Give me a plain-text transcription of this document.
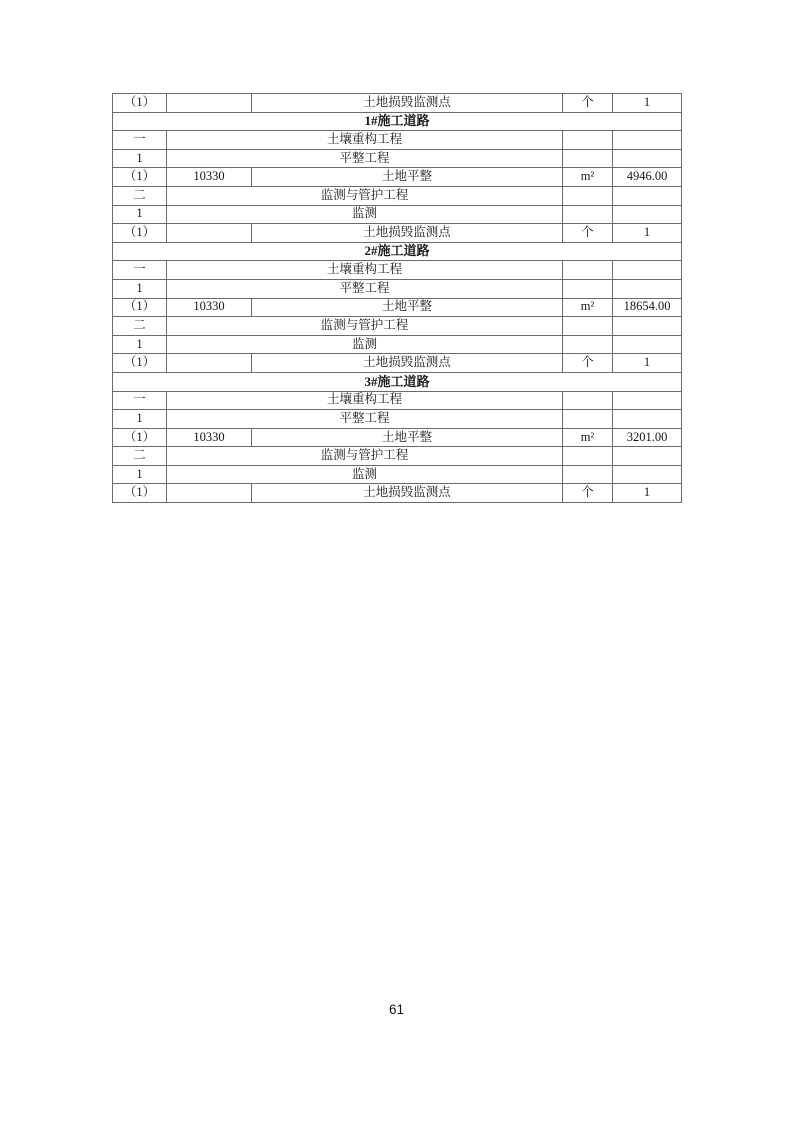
（1）		土地损毁监测点	个	1
1#施工道路				
一	土壤重构工程			
1	平整工程			
（1）	10330	土地平整	m²	4946.00
二	监测与管护工程			
1	监测			
（1）		土地损毁监测点	个	1
2#施工道路				
一	土壤重构工程			
1	平整工程			
（1）	10330	土地平整	m²	18654.00
二	监测与管护工程			
1	监测			
（1）		土地损毁监测点	个	1
3#施工道路				
一	土壤重构工程			
1	平整工程			
（1）	10330	土地平整	m²	3201.00
二	监测与管护工程			
1	监测			
（1）		土地损毁监测点	个	1
61
